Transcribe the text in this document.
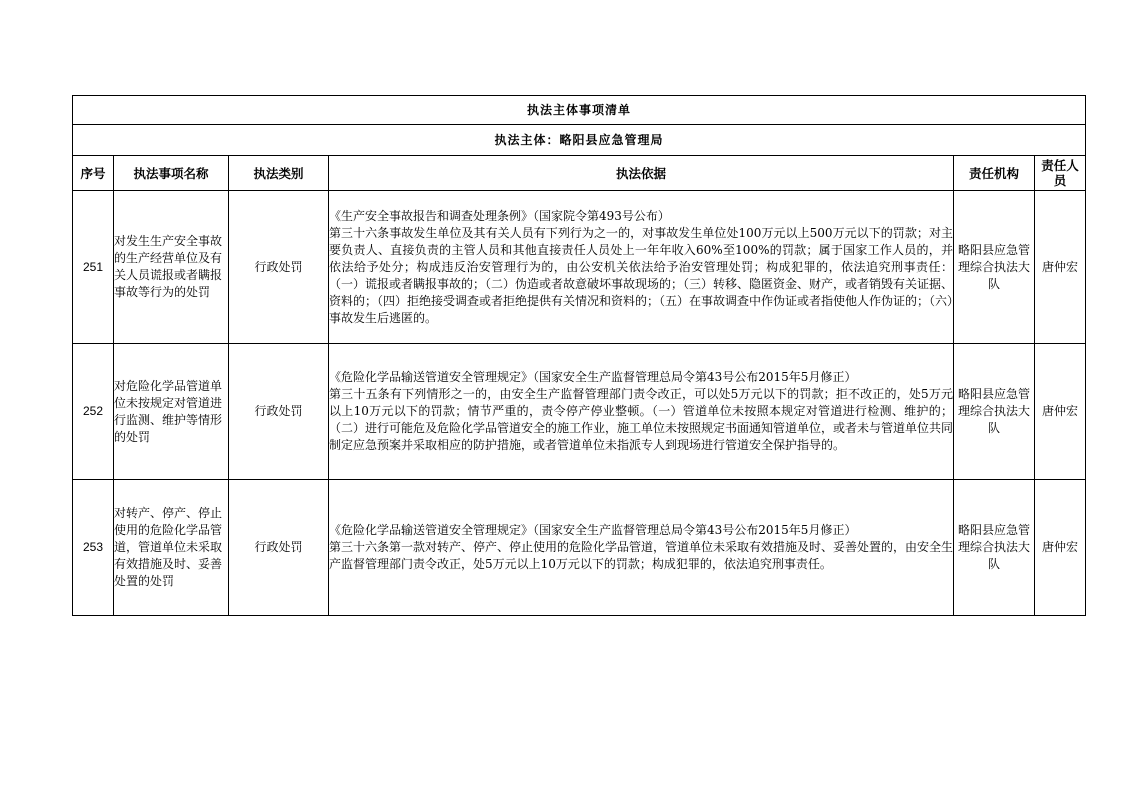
执法主体事项清单					
执法主体：略阳县应急管理局					
序号	执法事项名称	执法类别	执法依据	责任机构	责任人员
251	对发生生产安全事故的生产经营单位及有关人员谎报或者瞒报事故等行为的处罚	行政处罚	《生产安全事故报告和调查处理条例》（国家院令第493号公布）
第三十六条事故发生单位及其有关人员有下列行为之一的，对事故发生单位处100万元以上500万元以下的罚款；对主要负责人、直接负责的主管人员和其他直接责任人员处上一年年收入60%至100%的罚款；属于国家工作人员的，并依法给予处分；构成违反治安管理行为的，由公安机关依法给予治安管理处罚；构成犯罪的，依法追究刑事责任：（一）谎报或者瞒报事故的；（二）伪造或者故意破坏事故现场的；（三）转移、隐匿资金、财产，或者销毁有关证据、资料的；（四）拒绝接受调查或者拒绝提供有关情况和资料的；（五）在事故调查中作伪证或者指使他人作伪证的；（六）事故发生后逃匿的。	略阳县应急管理综合执法大队	唐仲宏
252	对危险化学品管道单位未按规定对管道进行监测、维护等情形的处罚	行政处罚	《危险化学品输送管道安全管理规定》（国家安全生产监督管理总局令第43号公布2015年5月修正）
第三十五条有下列情形之一的，由安全生产监督管理部门责令改正，可以处5万元以下的罚款；拒不改正的，处5万元以上10万元以下的罚款；情节严重的，责令停产停业整顿。（一）管道单位未按照本规定对管道进行检测、维护的；（二）进行可能危及危险化学品管道安全的施工作业，施工单位未按照规定书面通知管道单位，或者未与管道单位共同制定应急预案并采取相应的防护措施，或者管道单位未指派专人到现场进行管道安全保护指导的。	略阳县应急管理综合执法大队	唐仲宏
253	对转产、停产、停止使用的危险化学品管道，管道单位未采取有效措施及时、妥善处置的处罚	行政处罚	《危险化学品输送管道安全管理规定》（国家安全生产监督管理总局令第43号公布2015年5月修正）
第三十六条第一款对转产、停产、停止使用的危险化学品管道，管道单位未采取有效措施及时、妥善处置的，由安全生产监督管理部门责令改正，处5万元以上10万元以下的罚款；构成犯罪的，依法追究刑事责任。	略阳县应急管理综合执法大队	唐仲宏
